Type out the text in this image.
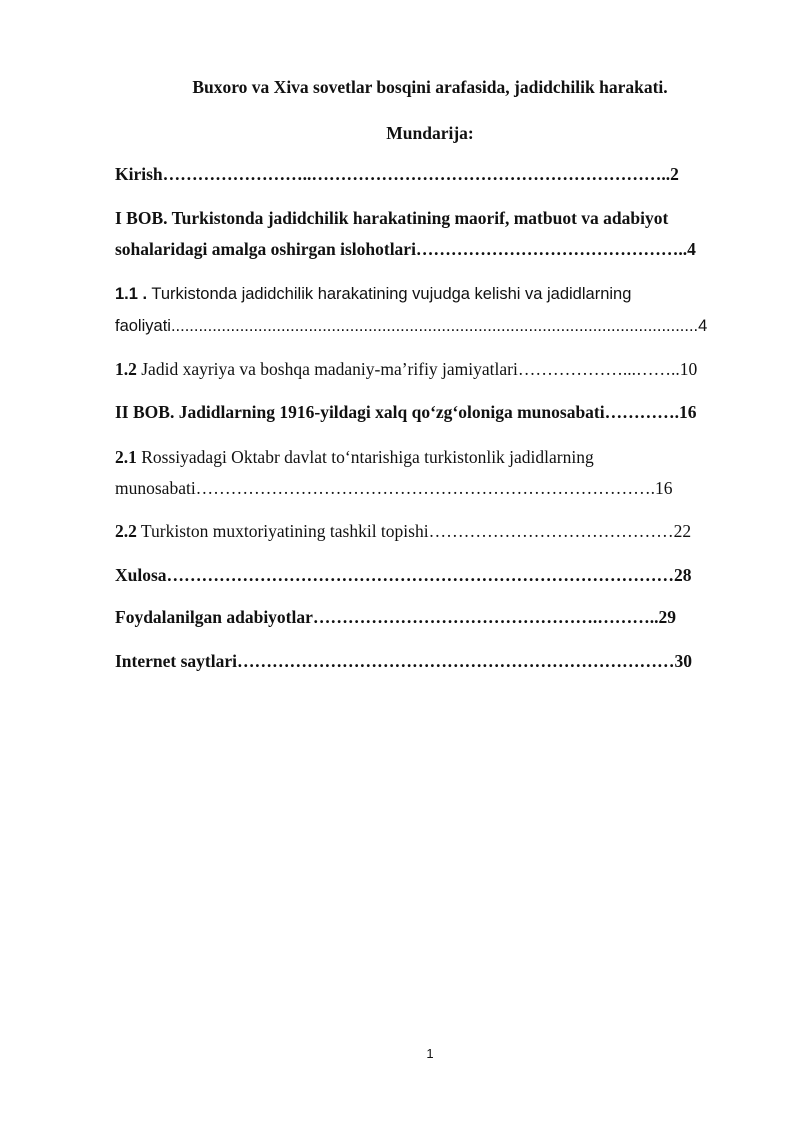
Buxoro va Xiva sovetlar bosqini arafasida, jadidchilik harakati.
Mundarija:
Kirish……………………..……………………………………………………..2
I BOB. Turkistonda jadidchilik harakatining maorif, matbuot va adabiyot
sohalaridagi amalga oshirgan islohotlari………………………………………..4
1.1 . Turkistonda jadidchilik harakatining vujudga kelishi va jadidlarning
faoliyati...................................................................................................................4
1.2 Jadid xayriya va boshqa madaniy-ma’rifiy jamiyatlari………………...……..10
II BOB. Jadidlarning 1916-yildagi xalq qo‘zg‘oloniga munosabati………….16
2.1 Rossiyadagi Oktabr davlat to‘ntarishiga turkistonlik jadidlarning
munosabati…………………………………………………………………….16
2.2 Turkiston muxtoriyatining tashkil topishi……………………………………22
Xulosa……………………………………………………………………………28
Foydalanilgan adabiyotlar………………………………………….………..29
Internet saytlari…………………………………………………………………30
1
